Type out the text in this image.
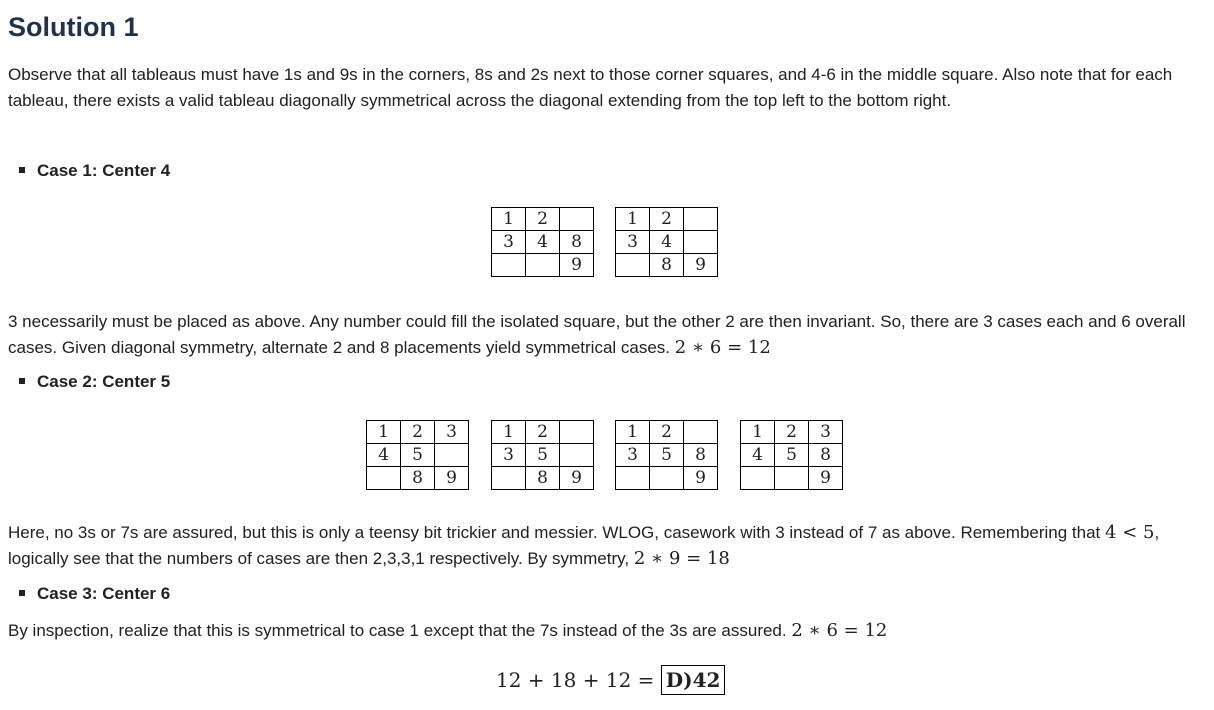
Solution 1

Observe that all tableaus must have 1s and 9s in the corners, 8s and 2s next to those corner squares, and 4-6 in the middle square. Also note that for each tableau, there exists a valid tableau diagonally symmetrical across the diagonal extending from the top left to the bottom right.

Case 1: Center 4
1	2	
3	4	8
		9
1	2	
3	4	
	8	9

3 necessarily must be placed as above. Any number could fill the isolated square, but the other 2 are then invariant. So, there are 3 cases each and 6 overall cases. Given diagonal symmetry, alternate 2 and 8 placements yield symmetrical cases. 2 ∗ 6 = 12

Case 2: Center 5
1	2	3
4	5	
	8	9
1	2	
3	5	
	8	9
1	2	
3	5	8
		9
1	2	3
4	5	8
		9

Here, no 3s or 7s are assured, but this is only a teensy bit trickier and messier. WLOG, casework with 3 instead of 7 as above. Remembering that 4 < 5, logically see that the numbers of cases are then 2,3,3,1 respectively. By symmetry, 2 ∗ 9 = 18

Case 3: Center 6

By inspection, realize that this is symmetrical to case 1 except that the 7s instead of the 3s are assured. 2 ∗ 6 = 12

12 + 18 + 12 = D)42
